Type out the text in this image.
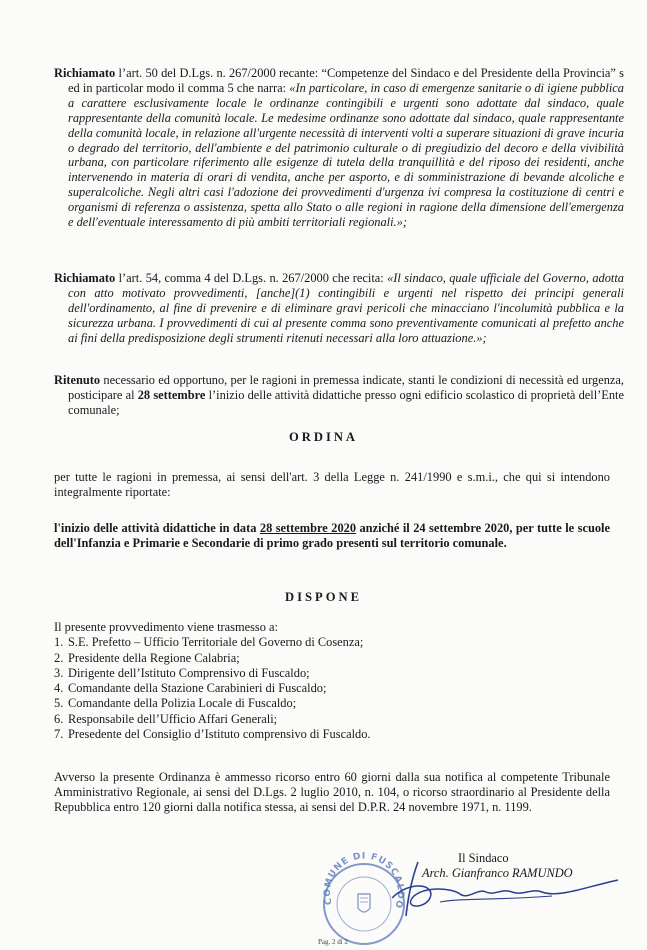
Richiamato l’art. 50 del D.Lgs. n. 267/2000 recante: “Competenze del Sindaco e del Presidente della Provincia” s ed in particolar modo il comma 5 che narra: «In particolare, in caso di emergenze sanitarie o di igiene pubblica a carattere esclusivamente locale le ordinanze contingibili e urgenti sono adottate dal sindaco, quale rappresentante della comunità locale. Le medesime ordinanze sono adottate dal sindaco, quale rappresentante della comunità locale, in relazione all'urgente necessità di interventi volti a superare situazioni di grave incuria o degrado del territorio, dell'ambiente e del patrimonio culturale o di pregiudizio del decoro e della vivibilità urbana, con particolare riferimento alle esigenze di tutela della tranquillità e del riposo dei residenti, anche intervenendo in materia di orari di vendita, anche per asporto, e di somministrazione di bevande alcoliche e superalcoliche. Negli altri casi l'adozione dei provvedimenti d'urgenza ivi compresa la costituzione di centri e organismi di referenza o assistenza, spetta allo Stato o alle regioni in ragione della dimensione dell'emergenza e dell'eventuale interessamento di più ambiti territoriali regionali.»;
Richiamato l’art. 54, comma 4 del D.Lgs. n. 267/2000 che recita: «Il sindaco, quale ufficiale del Governo, adotta con atto motivato provvedimenti, [anche](1) contingibili e urgenti nel rispetto dei principi generali dell'ordinamento, al fine di prevenire e di eliminare gravi pericoli che minacciano l'incolumità pubblica e la sicurezza urbana. I provvedimenti di cui al presente comma sono preventivamente comunicati al prefetto anche ai fini della predisposizione degli strumenti ritenuti necessari alla loro attuazione.»;
Ritenuto necessario ed opportuno, per le ragioni in premessa indicate, stanti le condizioni di necessità ed urgenza, posticipare al 28 settembre l’inizio delle attività didattiche presso ogni edificio scolastico di proprietà dell’Ente comunale;
ORDINA
per tutte le ragioni in premessa, ai sensi dell'art. 3 della Legge n. 241/1990 e s.m.i., che qui si intendono integralmente riportate:
l'inizio delle attività didattiche in data 28 settembre 2020 anziché il 24 settembre 2020, per tutte le scuole dell'Infanzia e Primarie e Secondarie di primo grado presenti sul territorio comunale.
DISPONE
Il presente provvedimento viene trasmesso a:
1. S.E. Prefetto – Ufficio Territoriale del Governo di Cosenza;
2. Presidente della Regione Calabria;
3. Dirigente dell’Istituto Comprensivo di Fuscaldo;
4. Comandante della Stazione Carabinieri di Fuscaldo;
5. Comandante della Polizia Locale di Fuscaldo;
6. Responsabile dell’Ufficio Affari Generali;
7. Presedente del Consiglio d’Istituto comprensivo di Fuscaldo.
Avverso la presente Ordinanza è ammesso ricorso entro 60 giorni dalla sua notifica al competente Tribunale Amministrativo Regionale, ai sensi del D.Lgs. 2 luglio 2010, n. 104, o ricorso straordinario al Presidente della Repubblica entro 120 giorni dalla notifica stessa, ai sensi del D.P.R. 24 novembre 1971, n. 1199.
COMUNE DI FUSCALDO
Il Sindaco
Arch. Gianfranco RAMUNDO
Pag. 2 di 2
